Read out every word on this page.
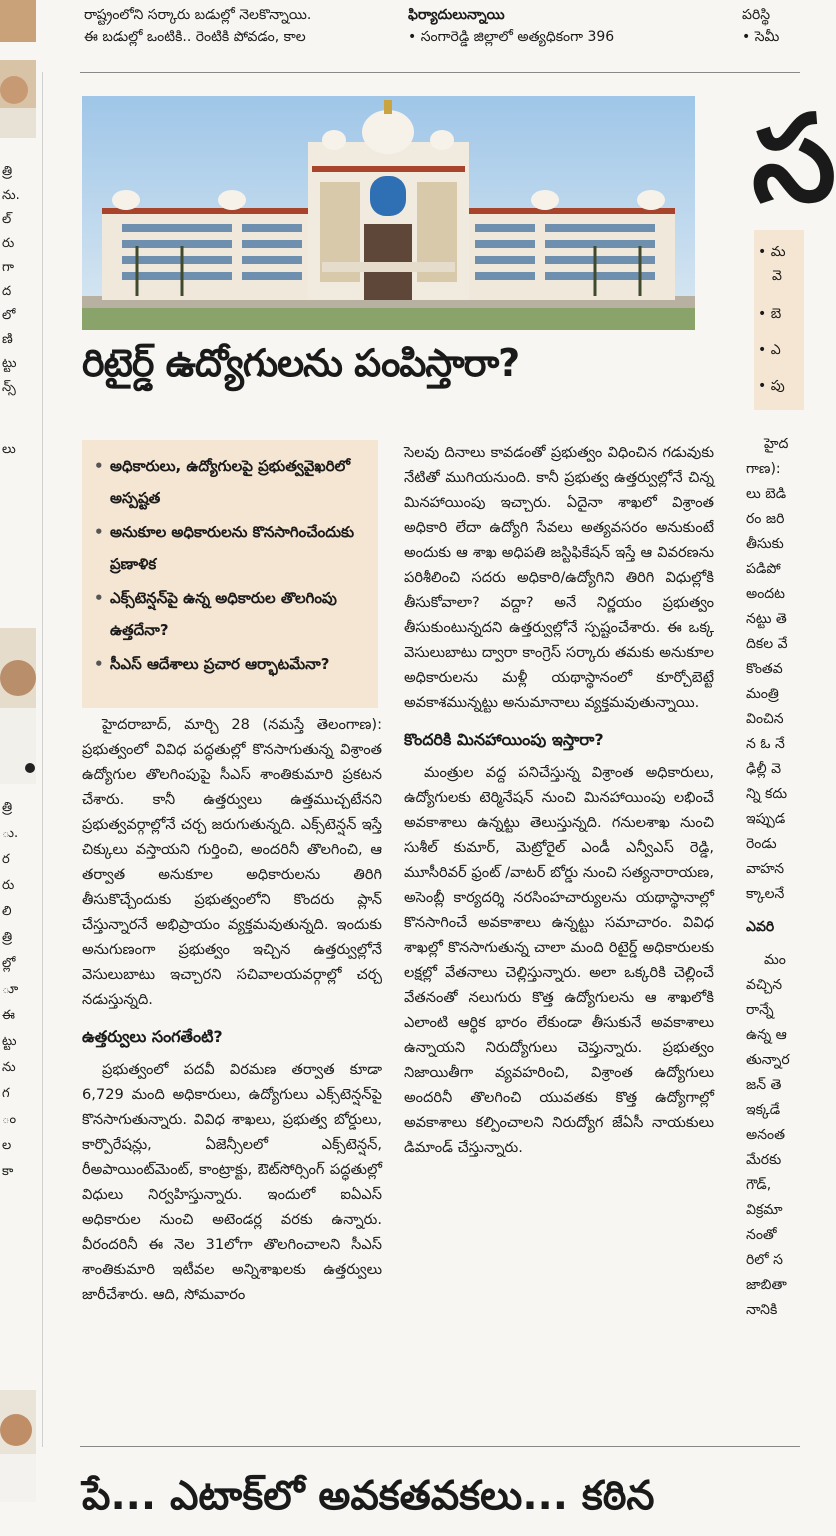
రాష్ట్రంలోని సర్కారు బడుల్లో నెలకొన్నాయి.
ఈ బడుల్లో ఒంటికి.. రెంటికి పోవడం, కాల
ఫిర్యాదులున్నాయి
• సంగారెడ్డి జిల్లాలో అత్యధికంగా 396
పరిస్థి
• సెమీ
త్రి
ను.
ల్
రు
గా
ద
లో
ణి
ట్టు
న్స్
లు
త్రి
ు.
ర
రు
లి
త్రి
ల్లో
ూ
ఈ
ట్టు
ను
గ
ం
ల
కా
రిటైర్డ్ ఉద్యోగులను పంపిస్తారా?
• అధికారులు, ఉద్యోగులపై ప్రభుత్వవైఖరిలో అస్పష్టత
• అనుకూల అధికారులను కొనసాగించేందుకు ప్రణాళిక
• ఎక్స్‌టెన్షన్‌పై ఉన్న అధికారుల తొలగింపు ఉత్తదేనా?
• సీఎస్ ఆదేశాలు ప్రచార ఆర్భాటమేనా?

హైదరాబాద్, మార్చి 28 (నమస్తే తెలంగాణ): ప్రభుత్వంలో వివిధ పద్ధతుల్లో కొనసాగుతున్న విశ్రాంత ఉద్యోగుల తొలగింపుపై సీఎస్ శాంతికుమారి ప్రకటన చేశారు. కానీ ఉత్తర్వులు ఉత్తముచ్చటేనని ప్రభుత్వవర్గాల్లోనే చర్చ జరుగుతున్నది. ఎక్స్‌టెన్షన్ ఇస్తే చిక్కులు వస్తాయని గుర్తించి, అందరినీ తొలగించి, ఆ తర్వాత అనుకూల అధికారులను తిరిగి తీసుకొచ్చేందుకు ప్రభుత్వంలోని కొందరు ప్లాన్ చేస్తున్నారనే అభిప్రాయం వ్యక్తమవుతున్నది. ఇందుకు అనుగుణంగా ప్రభుత్వం ఇచ్చిన ఉత్తర్వుల్లోనే వెసులుబాటు ఇచ్చారని సచివాలయవర్గాల్లో చర్చ నడుస్తున్నది.

ఉత్తర్వులు సంగతేంటి?

ప్రభుత్వంలో పదవీ విరమణ తర్వాత కూడా 6,729 మంది అధికారులు, ఉద్యోగులు ఎక్స్‌టెన్షన్‌పై కొనసాగుతున్నారు. వివిధ శాఖలు, ప్రభుత్వ బోర్డులు, కార్పొరేషన్లు, ఏజెన్సీలలో ఎక్స్‌టెన్షన్, రీఅపాయింట్‌మెంట్, కాంట్రాక్టు, ఔట్‌సోర్సింగ్ పద్ధతుల్లో విధులు నిర్వహిస్తున్నారు. ఇందులో ఐఏఎస్ అధికారుల నుంచి అటెండర్ల వరకు ఉన్నారు. వీరందరినీ ఈ నెల 31లోగా తొలగించాలని సీఎస్ శాంతికుమారి ఇటీవల అన్నిశాఖలకు ఉత్తర్వులు జారీచేశారు. ఆది, సోమవారం

సెలవు దినాలు కావడంతో ప్రభుత్వం విధించిన గడువుకు నేటితో ముగియనుంది. కానీ ప్రభుత్వ ఉత్తర్వుల్లోనే చిన్న మినహాయింపు ఇచ్చారు. ఏదైనా శాఖలో విశ్రాంత అధికారి లేదా ఉద్యోగి సేవలు అత్యవసరం అనుకుంటే అందుకు ఆ శాఖ అధిపతి జస్టిఫికేషన్ ఇస్తే ఆ వివరణను పరిశీలించి సదరు అధికారి/ఉద్యోగిని తిరిగి విధుల్లోకి తీసుకోవాలా? వద్దా? అనే నిర్ణయం ప్రభుత్వం తీసుకుంటున్నదని ఉత్తర్వుల్లోనే స్పష్టంచేశారు. ఈ ఒక్క వెసులుబాటు ద్వారా కాంగ్రెస్ సర్కారు తమకు అనుకూల అధికారులను మళ్లీ యథాస్థానంలో కూర్చోబెట్టే అవకాశమున్నట్టు అనుమానాలు వ్యక్తమవుతున్నాయి.

కొందరికి మినహాయింపు ఇస్తారా?

మంత్రుల వద్ద పనిచేస్తున్న విశ్రాంత అధికారులు, ఉద్యోగులకు టెర్మినేషన్ నుంచి మినహాయింపు లభించే అవకాశాలు ఉన్నట్టు తెలుస్తున్నది. గనులశాఖ నుంచి సుశీల్ కుమార్, మెట్రోరైల్ ఎండీ ఎన్వీఎస్ రెడ్డి, మూసీరివర్ ఫ్రంట్ /వాటర్ బోర్డు నుంచి సత్యనారాయణ, అసెంబ్లీ కార్యదర్శి నరసింహచార్యులను యథాస్థానాల్లో కొనసాగించే అవకాశాలు ఉన్నట్టు సమాచారం. వివిధ శాఖల్లో కొనసాగుతున్న చాలా మంది రిటైర్డ్ అధికారులకు లక్షల్లో వేతనాలు చెల్లిస్తున్నారు. అలా ఒక్కరికి చెల్లించే వేతనంతో నలుగురు కొత్త ఉద్యోగులను ఆ శాఖలోకి ఎలాంటి ఆర్థిక భారం లేకుండా తీసుకునే అవకాశాలు ఉన్నాయని నిరుద్యోగులు చెప్తున్నారు. ప్రభుత్వం నిజాయితీగా వ్యవహరించి, విశ్రాంత ఉద్యోగులు అందరినీ తొలగించి యువతకు కొత్త ఉద్యోగాల్లో అవకాశాలు కల్పించాలని నిరుద్యోగ జేఏసీ నాయకులు డిమాండ్ చేస్తున్నారు.

స
• మ
వె
• బె
• ఎ
• పు
హైద
గాణ):
లు బెడి
రం జరి
తీసుకు
పడిపో
అందట
నట్టు తె
దికల వే
కొంతవ
మంత్రి
వించిన
న ఓ నే
ఢిల్లీ వె
న్ని కదు
ఇప్పుడ
రెండు
వాహన
క్కాలనే
ఎవరి
మం
వచ్చిన
రాన్నే
ఉన్న ఆ
తున్నార
జన్ తె
ఇక్కడే
అనంత
మేరకు
గౌడ్,
విక్రమా
నంతో
రిలో స
జాబితా
నానికి
పే... ఎటాక్‌లో అవకతవకలు... కఠిన
